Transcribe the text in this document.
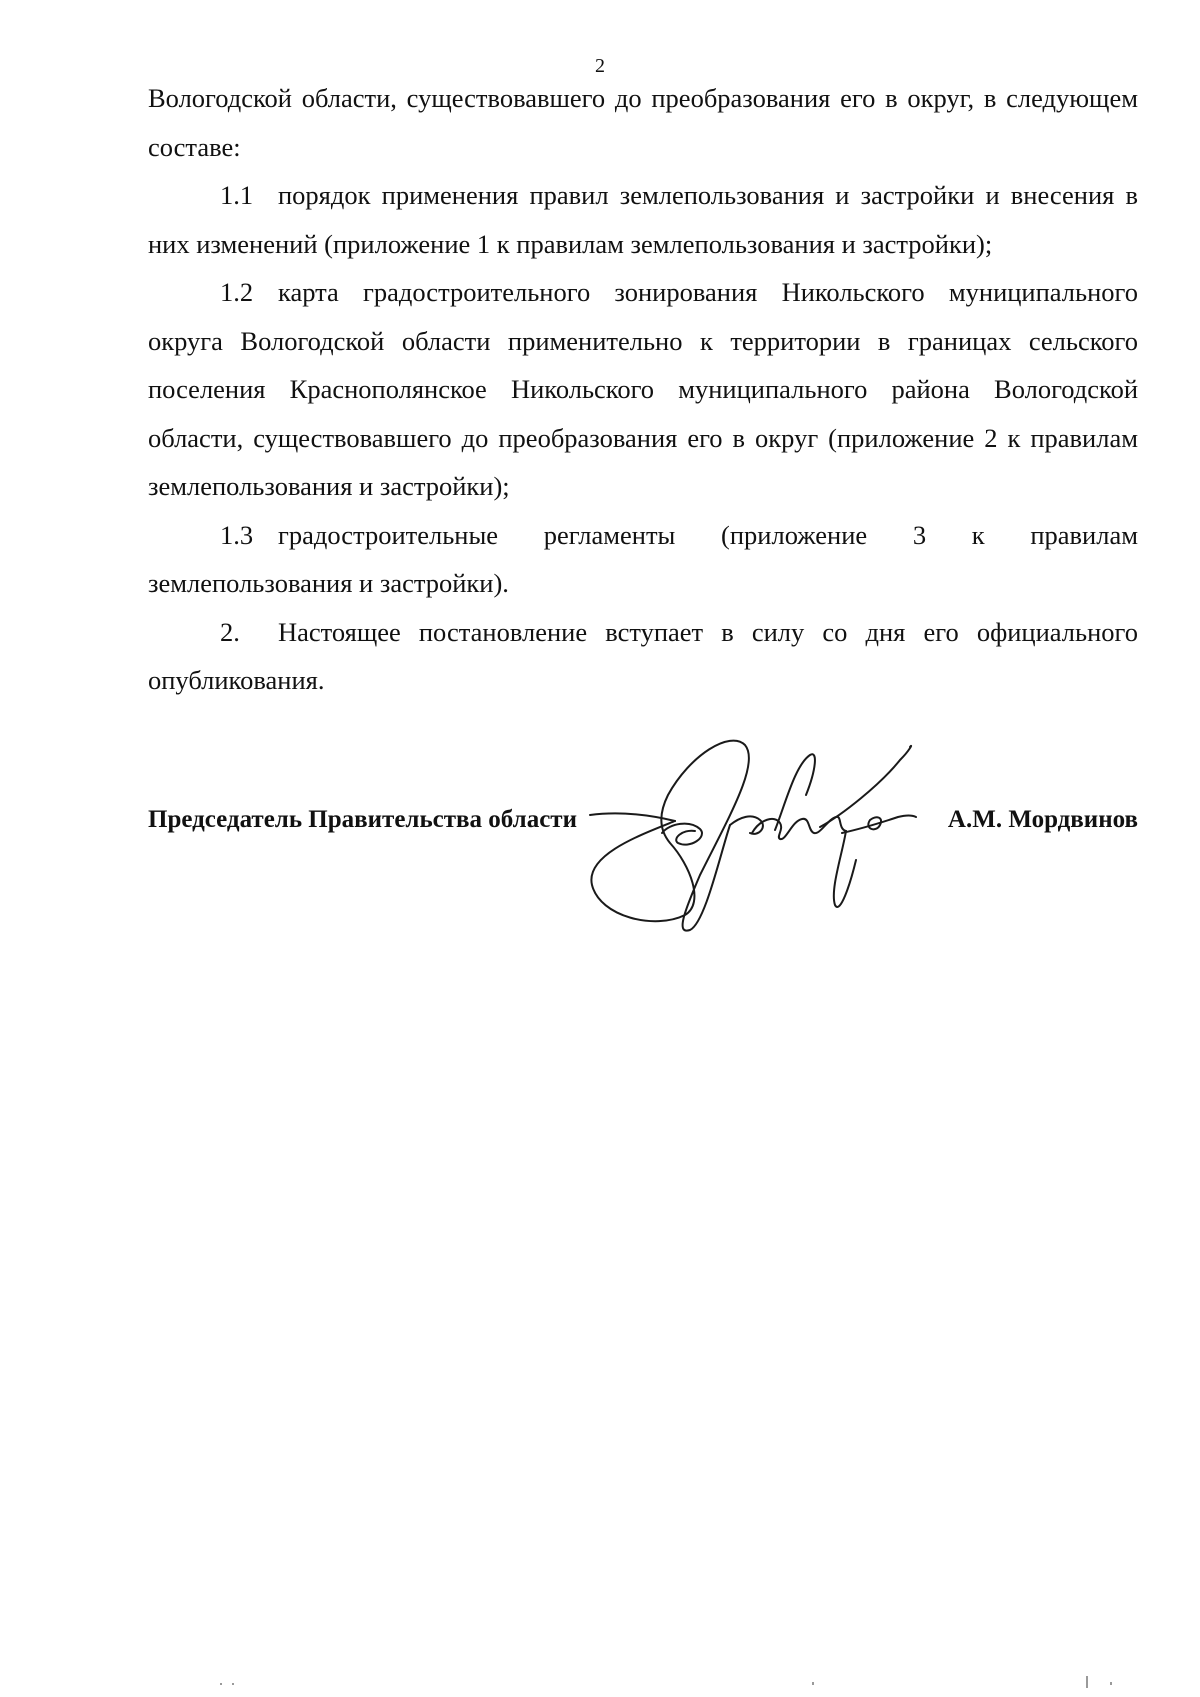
2

Вологодской области, существовавшего до преобразования его в округ, в следующем составе:

1.1 порядок применения правил землепользования и застройки и внесения в них изменений (приложение 1 к правилам землепользования и застройки);

1.2 карта градостроительного зонирования Никольского муниципального округа Вологодской области применительно к территории в границах сельского поселения Краснополянское Никольского муниципального района Вологодской области, существовавшего до преобразования его в округ (приложение 2 к правилам землепользования и застройки);

1.3 градостроительные регламенты (приложение 3 к правилам землепользования и застройки).

2. Настоящее постановление вступает в силу со дня его официального опубликования.

Председатель Правительства области	А.М. Мордвинов
